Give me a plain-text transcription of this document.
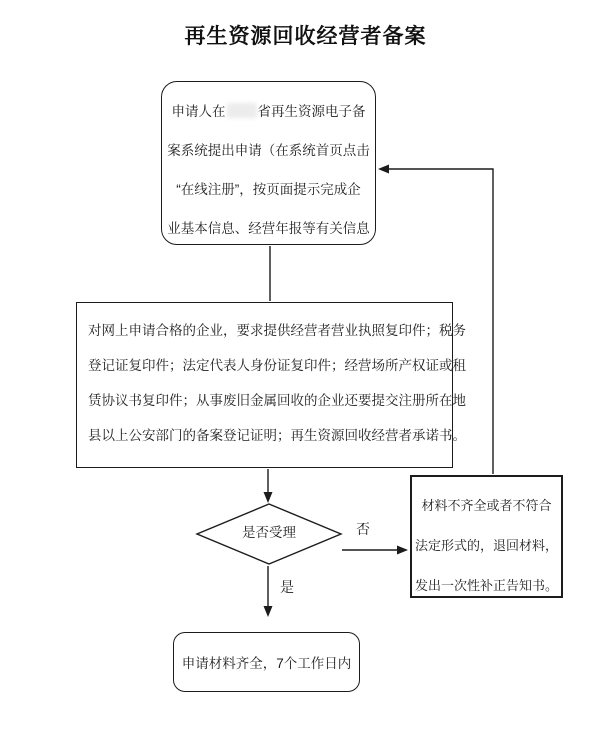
再生资源回收经营者备案
申请人在 省再生资源电子备
案系统提出申请（在系统首页点击
“在线注册”，按页面提示完成企
业基本信息、经营年报等有关信息
对网上申请合格的企业，要求提供经营者营业执照复印件；税务
登记证复印件；法定代表人身份证复印件；经营场所产权证或租
赁协议书复印件；从事废旧金属回收的企业还要提交注册所在地
县以上公安部门的备案登记证明；再生资源回收经营者承诺书。
是否受理	否
是
材料不齐全或者不符合
法定形式的，退回材料，
发出一次性补正告知书。
申请材料齐全，7个工作日内
